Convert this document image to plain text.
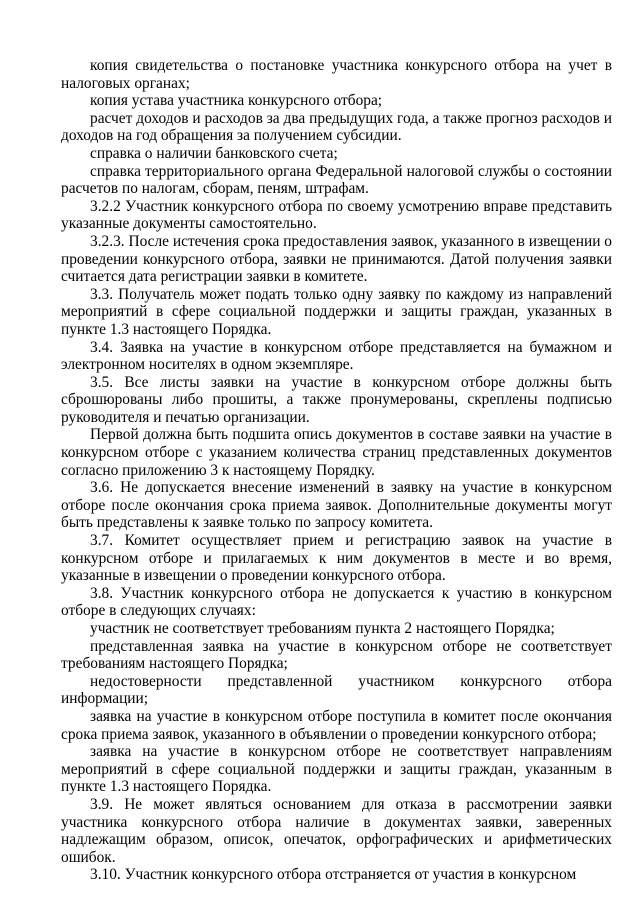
копия свидетельства о постановке участника конкурсного отбора на учет в налоговых органах;

копия устава участника конкурсного отбора;

расчет доходов и расходов за два предыдущих года, а также прогноз расходов и доходов на год обращения за получением субсидии.

справка о наличии банковского счета;

справка территориального органа Федеральной налоговой службы о состоянии расчетов по налогам, сборам, пеням, штрафам.

3.2.2 Участник конкурсного отбора по своему усмотрению вправе представить указанные документы самостоятельно.

3.2.3. После истечения срока предоставления заявок, указанного в извещении о проведении конкурсного отбора, заявки не принимаются. Датой получения заявки считается дата регистрации заявки в комитете.

3.3. Получатель может подать только одну заявку по каждому из направлений мероприятий в сфере социальной поддержки и защиты граждан, указанных в пункте 1.3 настоящего Порядка.

3.4. Заявка на участие в конкурсном отборе представляется на бумажном и электронном носителях в одном экземпляре.

3.5. Все листы заявки на участие в конкурсном отборе должны быть сброшюрованы либо прошиты, а также пронумерованы, скреплены подписью руководителя и печатью организации.

Первой должна быть подшита опись документов в составе заявки на участие в конкурсном отборе с указанием количества страниц представленных документов согласно приложению 3 к настоящему Порядку.

3.6. Не допускается внесение изменений в заявку на участие в конкурсном отборе после окончания срока приема заявок. Дополнительные документы могут быть представлены к заявке только по запросу комитета.

3.7. Комитет осуществляет прием и регистрацию заявок на участие в конкурсном отборе и прилагаемых к ним документов в месте и во время, указанные в извещении о проведении конкурсного отбора.

3.8. Участник конкурсного отбора не допускается к участию в конкурсном отборе в следующих случаях:

участник не соответствует требованиям пункта 2 настоящего Порядка;

представленная заявка на участие в конкурсном отборе не соответствует требованиям настоящего Порядка;

недостоверности представленной участником конкурсного отбора информации;

заявка на участие в конкурсном отборе поступила в комитет после окончания срока приема заявок, указанного в объявлении о проведении конкурсного отбора;

заявка на участие в конкурсном отборе не соответствует направлениям мероприятий в сфере социальной поддержки и защиты граждан, указанным в пункте 1.3 настоящего Порядка.

3.9. Не может являться основанием для отказа в рассмотрении заявки участника конкурсного отбора наличие в документах заявки, заверенных надлежащим образом, описок, опечаток, орфографических и арифметических ошибок.

3.10. Участник конкурсного отбора отстраняется от участия в конкурсном
